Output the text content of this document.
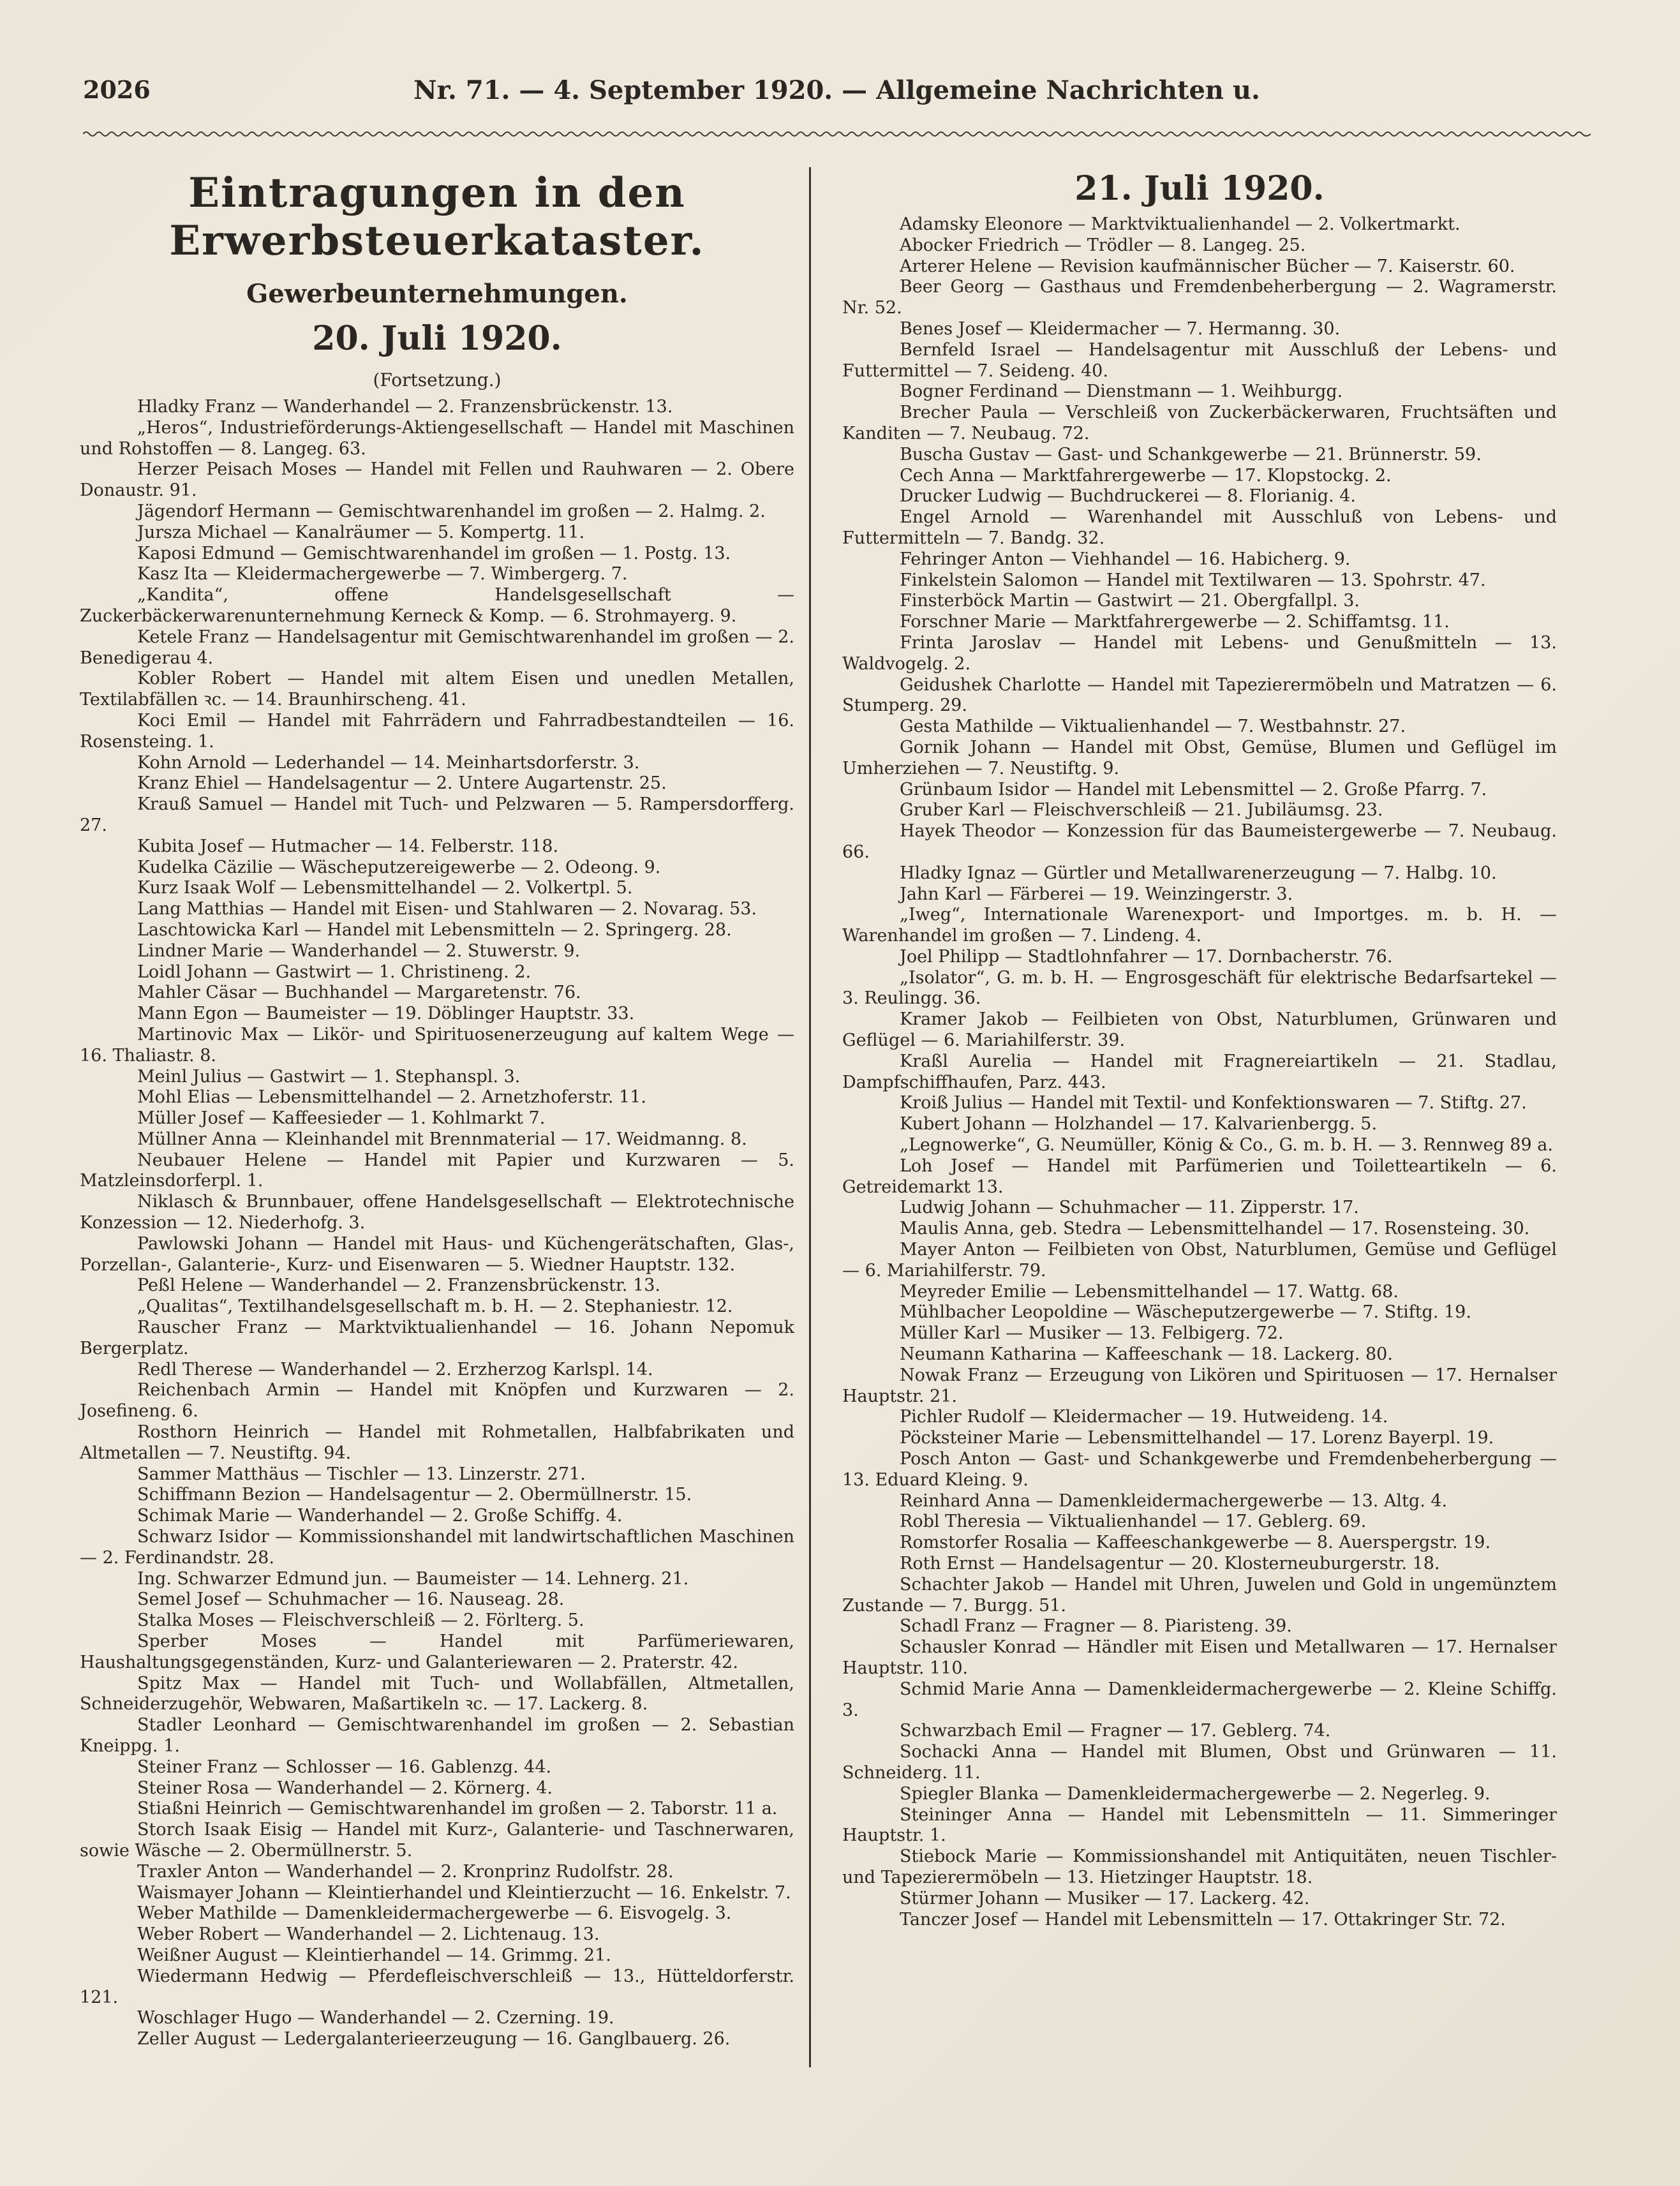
2026	Nr. 71. — 4. September 1920. — Allgemeine Nachrichten u.
Eintragungen in den Erwerbsteuerkataster.
Gewerbeunternehmungen.
20. Juli 1920.
(Fortsetzung.)
Hladky Franz — Wanderhandel — 2. Franzensbrückenstr. 13.
„Heros“, Industrieförderungs-Aktiengesellschaft — Handel mit Maschinen und Rohstoffen — 8. Langeg. 63.
Herzer Peisach Moses — Handel mit Fellen und Rauhwaren — 2. Obere Donaustr. 91.
Jägendorf Hermann — Gemischtwarenhandel im großen — 2. Halmg. 2.
Jursza Michael — Kanalräumer — 5. Kompertg. 11.
Kaposi Edmund — Gemischtwarenhandel im großen — 1. Postg. 13.
Kasz Ita — Kleidermachergewerbe — 7. Wimbergerg. 7.
„Kandita“, offene Handelsgesellschaft — Zuckerbäckerwarenunternehmung Kerneck & Komp. — 6. Strohmayerg. 9.
Ketele Franz — Handelsagentur mit Gemischtwarenhandel im großen — 2. Benedigerau 4.
Kobler Robert — Handel mit altem Eisen und unedlen Metallen, Textilabfällen ꝛc. — 14. Braunhirscheng. 41.
Koci Emil — Handel mit Fahrrädern und Fahrradbestandteilen — 16. Rosensteing. 1.
Kohn Arnold — Lederhandel — 14. Meinhartsdorferstr. 3.
Kranz Ehiel — Handelsagentur — 2. Untere Augartenstr. 25.
Krauß Samuel — Handel mit Tuch- und Pelzwaren — 5. Rampersdorfferg. 27.
Kubita Josef — Hutmacher — 14. Felberstr. 118.
Kudelka Cäzilie — Wäscheputzereigewerbe — 2. Odeong. 9.
Kurz Isaak Wolf — Lebensmittelhandel — 2. Volkertpl. 5.
Lang Matthias — Handel mit Eisen- und Stahlwaren — 2. Novarag. 53.
Laschtowicka Karl — Handel mit Lebensmitteln — 2. Springerg. 28.
Lindner Marie — Wanderhandel — 2. Stuwerstr. 9.
Loidl Johann — Gastwirt — 1. Christineng. 2.
Mahler Cäsar — Buchhandel — Margaretenstr. 76.
Mann Egon — Baumeister — 19. Döblinger Hauptstr. 33.
Martinovic Max — Likör- und Spirituosenerzeugung auf kaltem Wege — 16. Thaliastr. 8.
Meinl Julius — Gastwirt — 1. Stephanspl. 3.
Mohl Elias — Lebensmittelhandel — 2. Arnetzhoferstr. 11.
Müller Josef — Kaffeesieder — 1. Kohlmarkt 7.
Müllner Anna — Kleinhandel mit Brennmaterial — 17. Weidmanng. 8.
Neubauer Helene — Handel mit Papier und Kurzwaren — 5. Matzleinsdorferpl. 1.
Niklasch & Brunnbauer, offene Handelsgesellschaft — Elektrotechnische Konzession — 12. Niederhofg. 3.
Pawlowski Johann — Handel mit Haus- und Küchengerätschaften, Glas-, Porzellan-, Galanterie-, Kurz- und Eisenwaren — 5. Wiedner Hauptstr. 132.
Peßl Helene — Wanderhandel — 2. Franzensbrückenstr. 13.
„Qualitas“, Textilhandelsgesellschaft m. b. H. — 2. Stephaniestr. 12.
Rauscher Franz — Marktviktualienhandel — 16. Johann Nepomuk Bergerplatz.
Redl Therese — Wanderhandel — 2. Erzherzog Karlspl. 14.
Reichenbach Armin — Handel mit Knöpfen und Kurzwaren — 2. Josefineng. 6.
Rosthorn Heinrich — Handel mit Rohmetallen, Halbfabrikaten und Altmetallen — 7. Neustiftg. 94.
Sammer Matthäus — Tischler — 13. Linzerstr. 271.
Schiffmann Bezion — Handelsagentur — 2. Obermüllnerstr. 15.
Schimak Marie — Wanderhandel — 2. Große Schiffg. 4.
Schwarz Isidor — Kommissionshandel mit landwirtschaftlichen Maschinen — 2. Ferdinandstr. 28.
Ing. Schwarzer Edmund jun. — Baumeister — 14. Lehnerg. 21.
Semel Josef — Schuhmacher — 16. Nauseag. 28.
Stalka Moses — Fleischverschleiß — 2. Förlterg. 5.
Sperber Moses — Handel mit Parfümeriewaren, Haushaltungsgegenständen, Kurz- und Galanteriewaren — 2. Praterstr. 42.
Spitz Max — Handel mit Tuch- und Wollabfällen, Altmetallen, Schneiderzugehör, Webwaren, Maßartikeln ꝛc. — 17. Lackerg. 8.
Stadler Leonhard — Gemischtwarenhandel im großen — 2. Sebastian Kneippg. 1.
Steiner Franz — Schlosser — 16. Gablenzg. 44.
Steiner Rosa — Wanderhandel — 2. Körnerg. 4.
Stiaßni Heinrich — Gemischtwarenhandel im großen — 2. Taborstr. 11 a.
Storch Isaak Eisig — Handel mit Kurz-, Galanterie- und Taschnerwaren, sowie Wäsche — 2. Obermüllnerstr. 5.
Traxler Anton — Wanderhandel — 2. Kronprinz Rudolfstr. 28.
Waismayer Johann — Kleintierhandel und Kleintierzucht — 16. Enkelstr. 7.
Weber Mathilde — Damenkleidermachergewerbe — 6. Eisvogelg. 3.
Weber Robert — Wanderhandel — 2. Lichtenaug. 13.
Weißner August — Kleintierhandel — 14. Grimmg. 21.
Wiedermann Hedwig — Pferdefleischverschleiß — 13., Hütteldorferstr. 121.
Woschlager Hugo — Wanderhandel — 2. Czerning. 19.
Zeller August — Ledergalanterieerzeugung — 16. Ganglbauerg. 26.
21. Juli 1920.
Adamsky Eleonore — Marktviktualienhandel — 2. Volkertmarkt.
Abocker Friedrich — Trödler — 8. Langeg. 25.
Arterer Helene — Revision kaufmännischer Bücher — 7. Kaiserstr. 60.
Beer Georg — Gasthaus und Fremdenbeherbergung — 2. Wagramerstr. Nr. 52.
Benes Josef — Kleidermacher — 7. Hermanng. 30.
Bernfeld Israel — Handelsagentur mit Ausschluß der Lebens- und Futtermittel — 7. Seideng. 40.
Bogner Ferdinand — Dienstmann — 1. Weihburgg.
Brecher Paula — Verschleiß von Zuckerbäckerwaren, Fruchtsäften und Kanditen — 7. Neubaug. 72.
Buscha Gustav — Gast- und Schankgewerbe — 21. Brünnerstr. 59.
Cech Anna — Marktfahrergewerbe — 17. Klopstockg. 2.
Drucker Ludwig — Buchdruckerei — 8. Florianig. 4.
Engel Arnold — Warenhandel mit Ausschluß von Lebens- und Futtermitteln — 7. Bandg. 32.
Fehringer Anton — Viehhandel — 16. Habicherg. 9.
Finkelstein Salomon — Handel mit Textilwaren — 13. Spohrstr. 47.
Finsterböck Martin — Gastwirt — 21. Obergfallpl. 3.
Forschner Marie — Marktfahrergewerbe — 2. Schiffamtsg. 11.
Frinta Jaroslav — Handel mit Lebens- und Genußmitteln — 13. Waldvogelg. 2.
Geidushek Charlotte — Handel mit Tapezierermöbeln und Matratzen — 6. Stumperg. 29.
Gesta Mathilde — Viktualienhandel — 7. Westbahnstr. 27.
Gornik Johann — Handel mit Obst, Gemüse, Blumen und Geflügel im Umherziehen — 7. Neustiftg. 9.
Grünbaum Isidor — Handel mit Lebensmittel — 2. Große Pfarrg. 7.
Gruber Karl — Fleischverschleiß — 21. Jubiläumsg. 23.
Hayek Theodor — Konzession für das Baumeistergewerbe — 7. Neubaug. 66.
Hladky Ignaz — Gürtler und Metallwarenerzeugung — 7. Halbg. 10.
Jahn Karl — Färberei — 19. Weinzingerstr. 3.
„Iweg“, Internationale Warenexport- und Importges. m. b. H. — Warenhandel im großen — 7. Lindeng. 4.
Joel Philipp — Stadtlohnfahrer — 17. Dornbacherstr. 76.
„Isolator“, G. m. b. H. — Engrosgeschäft für elektrische Bedarfsartekel — 3. Reulingg. 36.
Kramer Jakob — Feilbieten von Obst, Naturblumen, Grünwaren und Geflügel — 6. Mariahilferstr. 39.
Kraßl Aurelia — Handel mit Fragnereiartikeln — 21. Stadlau, Dampfschiffhaufen, Parz. 443.
Kroiß Julius — Handel mit Textil- und Konfektionswaren — 7. Stiftg. 27.
Kubert Johann — Holzhandel — 17. Kalvarienbergg. 5.
„Legnowerke“, G. Neumüller, König & Co., G. m. b. H. — 3. Rennweg 89 a.
Loh Josef — Handel mit Parfümerien und Toiletteartikeln — 6. Getreidemarkt 13.
Ludwig Johann — Schuhmacher — 11. Zipperstr. 17.
Maulis Anna, geb. Stedra — Lebensmittelhandel — 17. Rosensteing. 30.
Mayer Anton — Feilbieten von Obst, Naturblumen, Gemüse und Geflügel — 6. Mariahilferstr. 79.
Meyreder Emilie — Lebensmittelhandel — 17. Wattg. 68.
Mühlbacher Leopoldine — Wäscheputzergewerbe — 7. Stiftg. 19.
Müller Karl — Musiker — 13. Felbigerg. 72.
Neumann Katharina — Kaffeeschank — 18. Lackerg. 80.
Nowak Franz — Erzeugung von Likören und Spirituosen — 17. Hernalser Hauptstr. 21.
Pichler Rudolf — Kleidermacher — 19. Hutweideng. 14.
Pöcksteiner Marie — Lebensmittelhandel — 17. Lorenz Bayerpl. 19.
Posch Anton — Gast- und Schankgewerbe und Fremdenbeherbergung — 13. Eduard Kleing. 9.
Reinhard Anna — Damenkleidermachergewerbe — 13. Altg. 4.
Robl Theresia — Viktualienhandel — 17. Geblerg. 69.
Romstorfer Rosalia — Kaffeeschankgewerbe — 8. Auerspergstr. 19.
Roth Ernst — Handelsagentur — 20. Klosterneuburgerstr. 18.
Schachter Jakob — Handel mit Uhren, Juwelen und Gold in ungemünztem Zustande — 7. Burgg. 51.
Schadl Franz — Fragner — 8. Piaristeng. 39.
Schausler Konrad — Händler mit Eisen und Metallwaren — 17. Hernalser Hauptstr. 110.
Schmid Marie Anna — Damenkleidermachergewerbe — 2. Kleine Schiffg. 3.
Schwarzbach Emil — Fragner — 17. Geblerg. 74.
Sochacki Anna — Handel mit Blumen, Obst und Grünwaren — 11. Schneiderg. 11.
Spiegler Blanka — Damenkleidermachergewerbe — 2. Negerleg. 9.
Steininger Anna — Handel mit Lebensmitteln — 11. Simmeringer Hauptstr. 1.
Stiebock Marie — Kommissionshandel mit Antiquitäten, neuen Tischler- und Tapezierermöbeln — 13. Hietzinger Hauptstr. 18.
Stürmer Johann — Musiker — 17. Lackerg. 42.
Tanczer Josef — Handel mit Lebensmitteln — 17. Ottakringer Str. 72.
